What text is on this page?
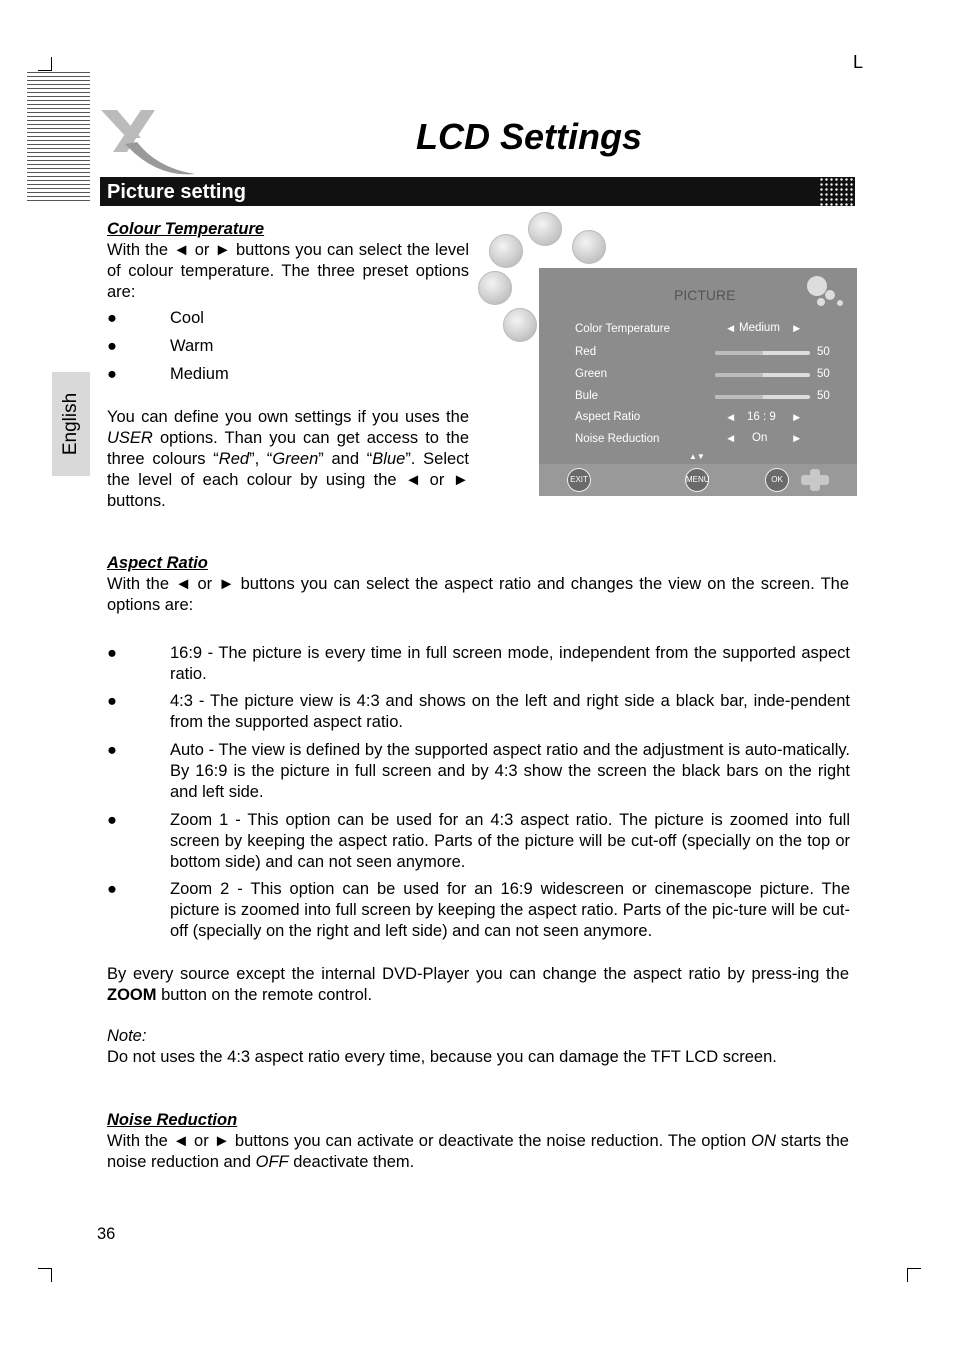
L
English
LCD Settings
Picture setting

Colour Temperature

With the ◄ or ► buttons you can select the level of colour temperature. The three preset options are:

●	Cool
●	Warm
●	Medium

You can define you own settings if you uses the USER options. Than you can get access to the three colours “Red”, “Green” and “Blue”. Select the level of each colour by using the ◄ or ► buttons.

PICTURE
Color Temperature	◄ Medium ►
Red	50
Green	50
Bule	50
Aspect Ratio	◄ 16 : 9 ►
Noise Reduction	◄ On ►
▲▼
EXIT	MENU	OK

Aspect Ratio

With the ◄ or ► buttons you can select the aspect ratio and changes the view on the screen. The options are:

●	16:9 - The picture is every time in full screen mode, independent from the supported aspect ratio.
●	4:3 - The picture view is 4:3 and shows on the left and right side a black bar, inde-pendent from the supported aspect ratio.
●	Auto - The view is defined by the supported aspect ratio and the adjustment is auto-matically. By 16:9 is the picture in full screen and by 4:3 show the screen the black bars on the right and left side.
●	Zoom 1 - This option can be used for an 4:3 aspect ratio. The picture is zoomed into full screen by keeping the aspect ratio. Parts of the picture will be cut-off (specially on the top or bottom side) and can not seen anymore.
●	Zoom 2 - This option can be used for an 16:9 widescreen or cinemascope picture. The picture is zoomed into full screen by keeping the aspect ratio. Parts of the pic-ture will be cut-off (specially on the right and left side) and can not seen anymore.

By every source except the internal DVD-Player you can change the aspect ratio by press-ing the ZOOM button on the remote control.

Note:

Do not uses the 4:3 aspect ratio every time, because you can damage the TFT LCD screen.

Noise Reduction

With the ◄ or ► buttons you can activate or deactivate the noise reduction. The option ON starts the noise reduction and OFF deactivate them.

36
